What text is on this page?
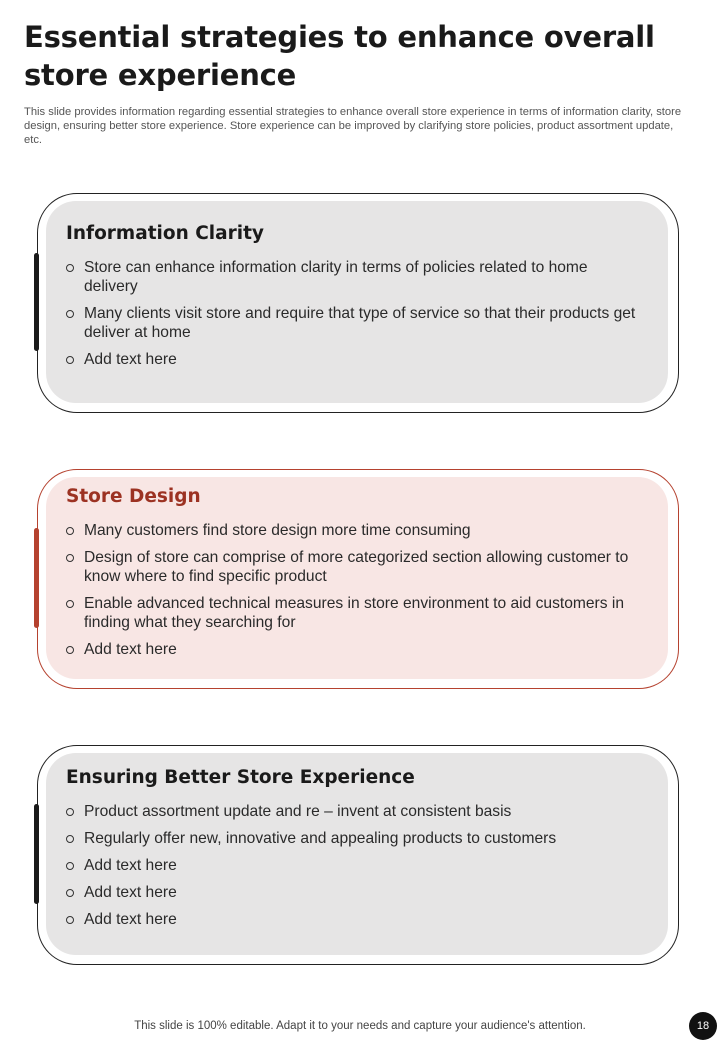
Essential strategies to enhance overall store experience
This slide provides information regarding essential strategies to enhance overall store experience in terms of information clarity, store design, ensuring better store experience. Store experience can be improved by clarifying store policies, product assortment update, etc.
Information Clarity
Store can enhance information clarity in terms of policies related to home delivery
Many clients visit store and require that type of service so that their products get deliver at home
Add text here
Store Design
Many customers find store design more time consuming
Design of store can comprise of more categorized section allowing customer to know where to find specific product
Enable advanced technical measures in store environment to aid customers in finding what they searching for
Add text here
Ensuring Better Store Experience
Product assortment update and re – invent at consistent basis
Regularly offer new, innovative and appealing products to customers
Add text here
Add text here
Add text here
This slide is 100% editable. Adapt it to your needs and capture your audience's attention.	18
